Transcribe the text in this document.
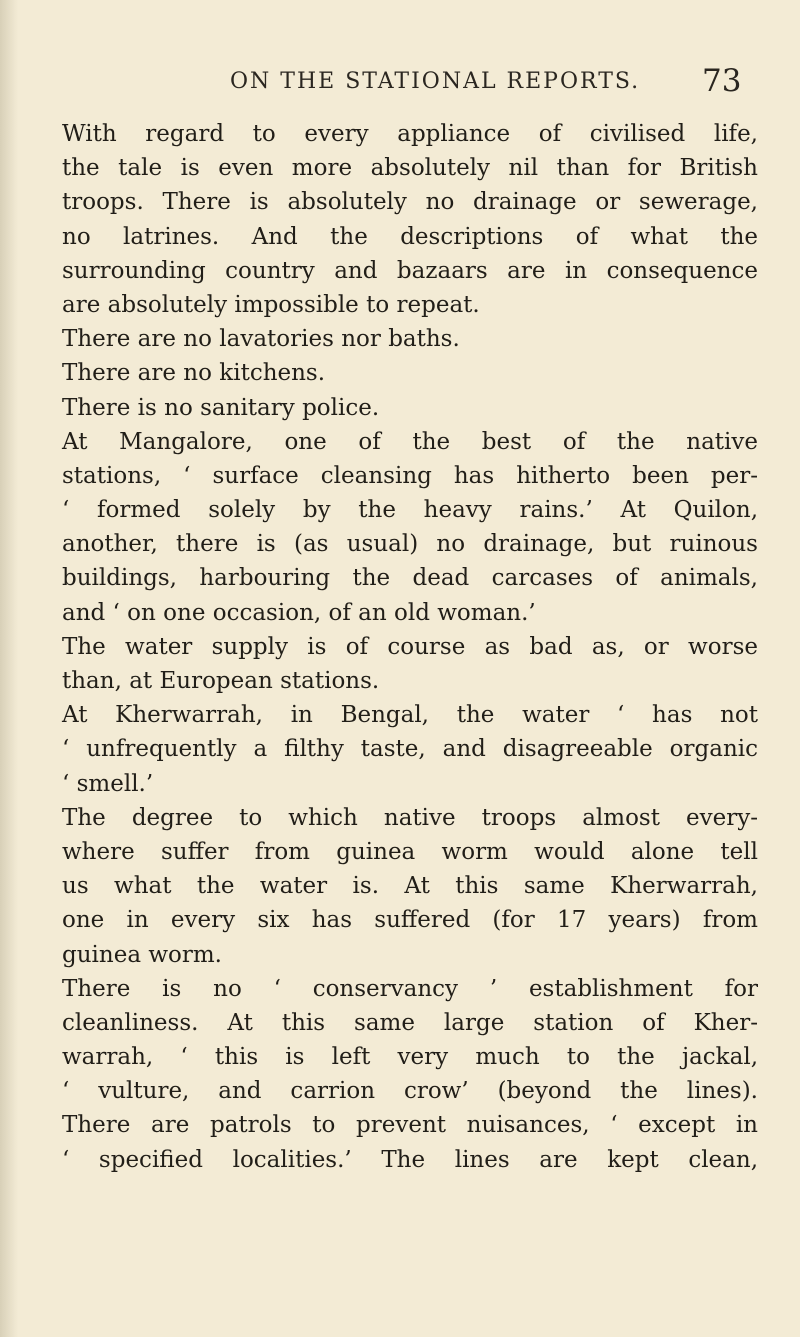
ON THE STATIONAL REPORTS. 73
With regard to every appliance of civilised life,
the tale is even more absolutely nil than for British
troops. There is absolutely no drainage or sewerage,
no latrines. And the descriptions of what the
surrounding country and bazaars are in consequence
are absolutely impossible to repeat.
There are no lavatories nor baths.
There are no kitchens.
There is no sanitary police.
At Mangalore, one of the best of the native
stations, ‘ surface cleansing has hitherto been per-
‘ formed solely by the heavy rains.’ At Quilon,
another, there is (as usual) no drainage, but ruinous
buildings, harbouring the dead carcases of animals,
and ‘ on one occasion, of an old woman.’
The water supply is of course as bad as, or worse
than, at European stations.
At Kherwarrah, in Bengal, the water ‘ has not
‘ unfrequently a filthy taste, and disagreeable organic
‘ smell.’
The degree to which native troops almost every-
where suffer from guinea worm would alone tell
us what the water is. At this same Kherwarrah,
one in every six has suffered (for 17 years) from
guinea worm.
There is no ‘ conservancy ’ establishment for
cleanliness. At this same large station of Kher-
warrah, ‘ this is left very much to the jackal,
‘ vulture, and carrion crow’ (beyond the lines).
There are patrols to prevent nuisances, ‘ except in
‘ specified localities.’ The lines are kept clean,
